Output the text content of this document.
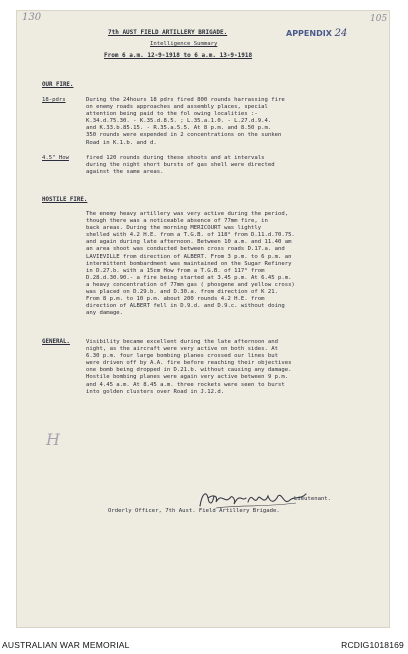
130	105
APPENDIX 24
7th AUST FIELD ARTILLERY BRIGADE.
Intelligence Summary
From 6 a.m. 12-9-1918 to 6 a.m. 13-9-1918
OUR FIRE.
18-pdrs	During the 24hours 18 pdrs fired 800 rounds harrassing fire
on enemy roads approaches and assembly places, special
attention being paid to the fol owing localities :-
K.34.d.75.30. - K.35.d.8.5. ; L.35.a.1.0. - L.27.d.9.4.
and K.33.b.85.15. - R.35.a.5.5. At 8 p.m. and 8.50 p.m.
350 rounds were expended in 2 concentrations on the sunken
Road in K.1.b. and d.
4.5" How	fired 120 rounds during these shoots and at intervals
during the night short bursts of gas shell were directed
against the same areas.
HOSTILE FIRE.
The enemy heavy artillery was very active during the period,
though there was a noticeable absence of 77mm fire, in
back areas. During the morning MERICOURT was lightly
shelled with 4.2 H.E. from a T.G.B. of 118° from D.11.d.70.75.
and again during late afternoon. Between 10 a.m. and 11.40 am
an area shoot was conducted between cross roads D.17.a. and
LAVIEVILLE from direction of ALBERT. From 3 p.m. to 6 p.m. an
intermittent bombardment was maintained on the Sugar Refinery
in D.27.b. with a 15cm How from a T.G.B. of 117° from
D.28.d.30.90.- a fire being started at 3.45 p.m. At 6.45 p.m.
a heavy concentration of 77mm gas ( phosgene and yellow cross)
was placed on D.29.b. and D.30.a. from direction of K 21.
From 8 p.m. to 10 p.m. about 200 rounds 4.2 H.E. from
direction of ALBERT fell in D.9.d. and D.9.c. without doing
any damage.
GENERAL.	Visibility became excellent during the late afternoon and
night, as the aircraft were very active on both sides. At
6.30 p.m. four large bombing planes crossed our lines but
were driven off by A.A. fire before reaching their objectives
one bomb being dropped in D.21.b. without causing any damage.
Hostile bombing planes were again very active between 9 p.m.
and 4.45 a.m. At 8.45 a.m. three rockets were seen to burst
into golden clusters over Road in J.12.d.
H
Lieutenant.
Orderly Officer, 7th Aust. Field Artillery Brigade.
AUSTRALIAN WAR MEMORIAL	RCDIG1018169
